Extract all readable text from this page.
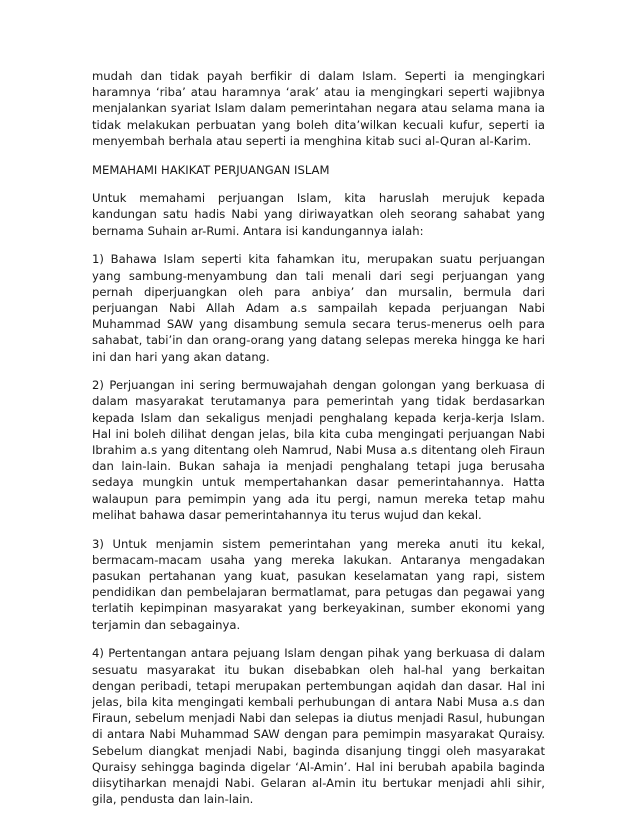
mudah dan tidak payah berfikir di dalam Islam. Seperti ia mengingkari haramnya ‘riba’ atau haramnya ‘arak’ atau ia mengingkari seperti wajibnya menjalankan syariat Islam dalam pemerintahan negara atau selama mana ia tidak melakukan perbuatan yang boleh dita’wilkan kecuali kufur, seperti ia menyembah berhala atau seperti ia menghina kitab suci al-Quran al-Karim.

MEMAHAMI HAKIKAT PERJUANGAN ISLAM

Untuk memahami perjuangan Islam, kita haruslah merujuk kepada kandungan satu hadis Nabi yang diriwayatkan oleh seorang sahabat yang bernama Suhain ar-Rumi. Antara isi kandungannya ialah:

1) Bahawa Islam seperti kita fahamkan itu, merupakan suatu perjuangan yang sambung-menyambung dan tali menali dari segi perjuangan yang pernah diperjuangkan oleh para anbiya’ dan mursalin, bermula dari perjuangan Nabi Allah Adam a.s sampailah kepada perjuangan Nabi Muhammad SAW yang disambung semula secara terus-menerus oelh para sahabat, tabi’in dan orang-orang yang datang selepas mereka hingga ke hari ini dan hari yang akan datang.

2) Perjuangan ini sering bermuwajahah dengan golongan yang berkuasa di dalam masyarakat terutamanya para pemerintah yang tidak berdasarkan kepada Islam dan sekaligus menjadi penghalang kepada kerja-kerja Islam. Hal ini boleh dilihat dengan jelas, bila kita cuba mengingati perjuangan Nabi Ibrahim a.s yang ditentang oleh Namrud, Nabi Musa a.s ditentang oleh Firaun dan lain-lain. Bukan sahaja ia menjadi penghalang tetapi juga berusaha sedaya mungkin untuk mempertahankan dasar pemerintahannya. Hatta walaupun para pemimpin yang ada itu pergi, namun mereka tetap mahu melihat bahawa dasar pemerintahannya itu terus wujud dan kekal.

3) Untuk menjamin sistem pemerintahan yang mereka anuti itu kekal, bermacam-macam usaha yang mereka lakukan. Antaranya mengadakan pasukan pertahanan yang kuat, pasukan keselamatan yang rapi, sistem pendidikan dan pembelajaran bermatlamat, para petugas dan pegawai yang terlatih kepimpinan masyarakat yang berkeyakinan, sumber ekonomi yang terjamin dan sebagainya.

4) Pertentangan antara pejuang Islam dengan pihak yang berkuasa di dalam sesuatu masyarakat itu bukan disebabkan oleh hal-hal yang berkaitan dengan peribadi, tetapi merupakan pertembungan aqidah dan dasar. Hal ini jelas, bila kita mengingati kembali perhubungan di antara Nabi Musa a.s dan Firaun, sebelum menjadi Nabi dan selepas ia diutus menjadi Rasul, hubungan di antara Nabi Muhammad SAW dengan para pemimpin masyarakat Quraisy. Sebelum diangkat menjadi Nabi, baginda disanjung tinggi oleh masyarakat Quraisy sehingga baginda digelar ‘Al-Amin’. Hal ini berubah apabila baginda diisytiharkan menajdi Nabi. Gelaran al-Amin itu bertukar menjadi ahli sihir, gila, pendusta dan lain-lain.
